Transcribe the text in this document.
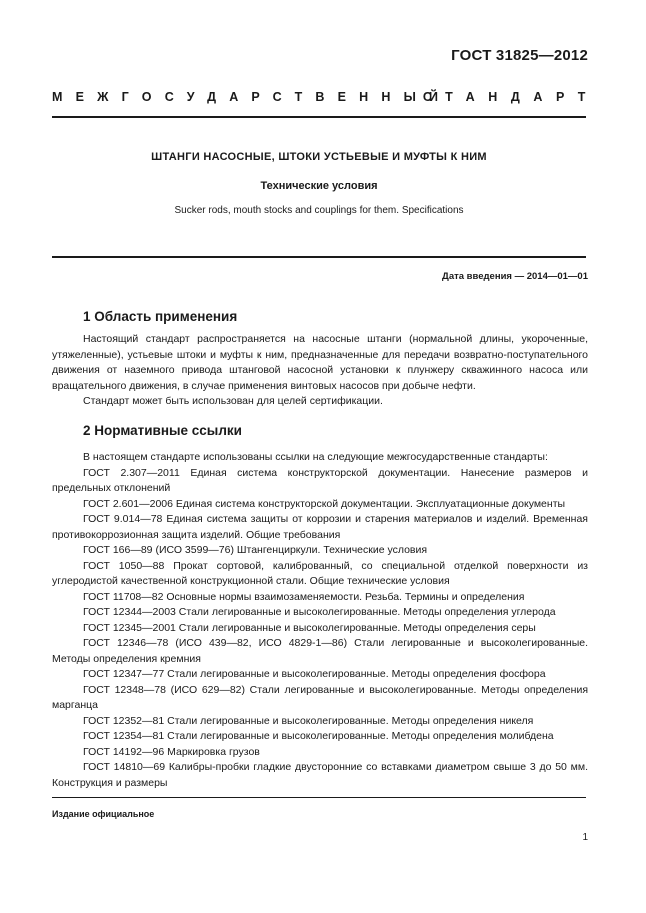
ГОСТ 31825—2012
МЕЖГОСУДАРСТВЕННЫЙ
СТАНДАРТ
ШТАНГИ НАСОСНЫЕ, ШТОКИ УСТЬЕВЫЕ И МУФТЫ К НИМ
Технические условия
Sucker rods, mouth stocks and couplings for them. Specifications
Дата введения — 2014—01—01
1 Область применения

Настоящий стандарт распространяется на насосные штанги (нормальной длины, укороченные, утяжеленные), устьевые штоки и муфты к ним, предназначенные для передачи возвратно-поступательного движения от наземного привода штанговой насосной установки к плунжеру скважинного насоса или вращательного движения, в случае применения винтовых насосов при добыче нефти.

Стандарт может быть использован для целей сертификации.

2 Нормативные ссылки

В настоящем стандарте использованы ссылки на следующие межгосударственные стандарты:

ГОСТ 2.307—2011 Единая система конструкторской документации. Нанесение размеров и предельных отклонений

ГОСТ 2.601—2006 Единая система конструкторской документации. Эксплуатационные документы

ГОСТ 9.014—78 Единая система защиты от коррозии и старения материалов и изделий. Временная противокоррозионная защита изделий. Общие требования

ГОСТ 166—89 (ИСО 3599—76) Штангенциркули. Технические условия

ГОСТ 1050—88 Прокат сортовой, калиброванный, со специальной отделкой поверхности из углеродистой качественной конструкционной стали. Общие технические условия

ГОСТ 11708—82 Основные нормы взаимозаменяемости. Резьба. Термины и определения

ГОСТ 12344—2003 Стали легированные и высоколегированные. Методы определения углерода

ГОСТ 12345—2001 Стали легированные и высоколегированные. Методы определения серы

ГОСТ 12346—78 (ИСО 439—82, ИСО 4829-1—86) Стали легированные и высоколегированные. Методы определения кремния

ГОСТ 12347—77 Стали легированные и высоколегированные. Методы определения фосфора

ГОСТ 12348—78 (ИСО 629—82) Стали легированные и высоколегированные. Методы определения марганца

ГОСТ 12352—81 Стали легированные и высоколегированные. Методы определения никеля

ГОСТ 12354—81 Стали легированные и высоколегированные. Методы определения молибдена

ГОСТ 14192—96 Маркировка грузов

ГОСТ 14810—69 Калибры-пробки гладкие двусторонние со вставками диаметром свыше 3 до 50 мм. Конструкция и размеры

Издание официальное
1
